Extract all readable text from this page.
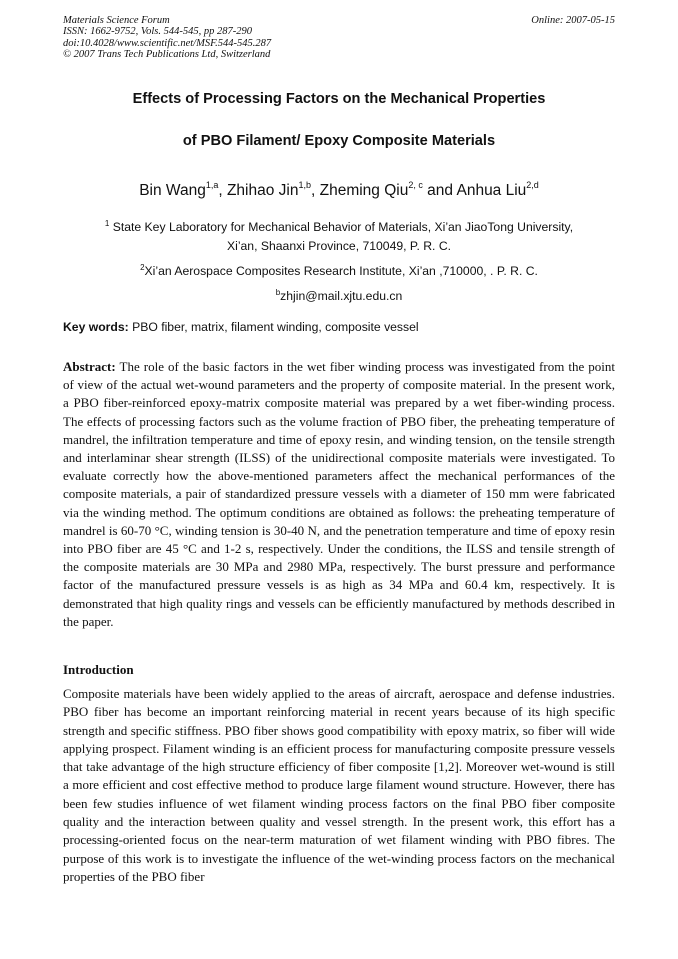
Materials Science Forum
ISSN: 1662-9752, Vols. 544-545, pp 287-290
doi:10.4028/www.scientific.net/MSF.544-545.287
© 2007 Trans Tech Publications Ltd, Switzerland
Online: 2007-05-15
Effects of Processing Factors on the Mechanical Properties
of PBO Filament/ Epoxy Composite Materials
Bin Wang$^{1,a}$, Zhihao Jin$^{1,b}$, Zheming Qiu$^{2, c}$ and Anhua Liu$^{2,d}$
$^1$ State Key Laboratory for Mechanical Behavior of Materials, Xi’an JiaoTong University,
Xi’an, Shaanxi Province, 710049, P. R. C.
$^2$Xi’an Aerospace Composites Research Institute, Xi’an ,710000, . P. R. C.
$^b$zhjin@mail.xjtu.edu.cn
Key words: PBO fiber, matrix, filament winding, composite vessel

Abstract: The role of the basic factors in the wet fiber winding process was investigated from the point of view of the actual wet-wound parameters and the property of composite material. In the present work, a PBO fiber-reinforced epoxy-matrix composite material was prepared by a wet fiber-winding process. The effects of processing factors such as the volume fraction of PBO fiber, the preheating temperature of mandrel, the infiltration temperature and time of epoxy resin, and winding tension, on the tensile strength and interlaminar shear strength (ILSS) of the unidirectional composite materials were investigated. To evaluate correctly how the above-mentioned parameters affect the mechanical performances of the composite materials, a pair of standardized pressure vessels with a diameter of 150 mm were fabricated via the winding method. The optimum conditions are obtained as follows: the preheating temperature of mandrel is 60-70 °C, winding tension is 30-40 N, and the penetration temperature and time of epoxy resin into PBO fiber are 45 °C and 1-2 s, respectively. Under the conditions, the ILSS and tensile strength of the composite materials are 30 MPa and 2980 MPa, respectively. The burst pressure and performance factor of the manufactured pressure vessels is as high as 34 MPa and 60.4 km, respectively. It is demonstrated that high quality rings and vessels can be efficiently manufactured by methods described in the paper.

Introduction

Composite materials have been widely applied to the areas of aircraft, aerospace and defense industries. PBO fiber has become an important reinforcing material in recent years because of its high specific strength and specific stiffness. PBO fiber shows good compatibility with epoxy matrix, so fiber will wide applying prospect. Filament winding is an efficient process for manufacturing composite pressure vessels that take advantage of the high structure efficiency of fiber composite [1,2]. Moreover wet-wound is still a more efficient and cost effective method to produce large filament wound structure. However, there has been few studies influence of wet filament winding process factors on the final PBO fiber composite quality and the interaction between quality and vessel strength. In the present work, this effort has a processing-oriented focus on the near-term maturation of wet filament winding with PBO fibres. The purpose of this work is to investigate the influence of the wet-winding process factors on the mechanical properties of the PBO fiber
